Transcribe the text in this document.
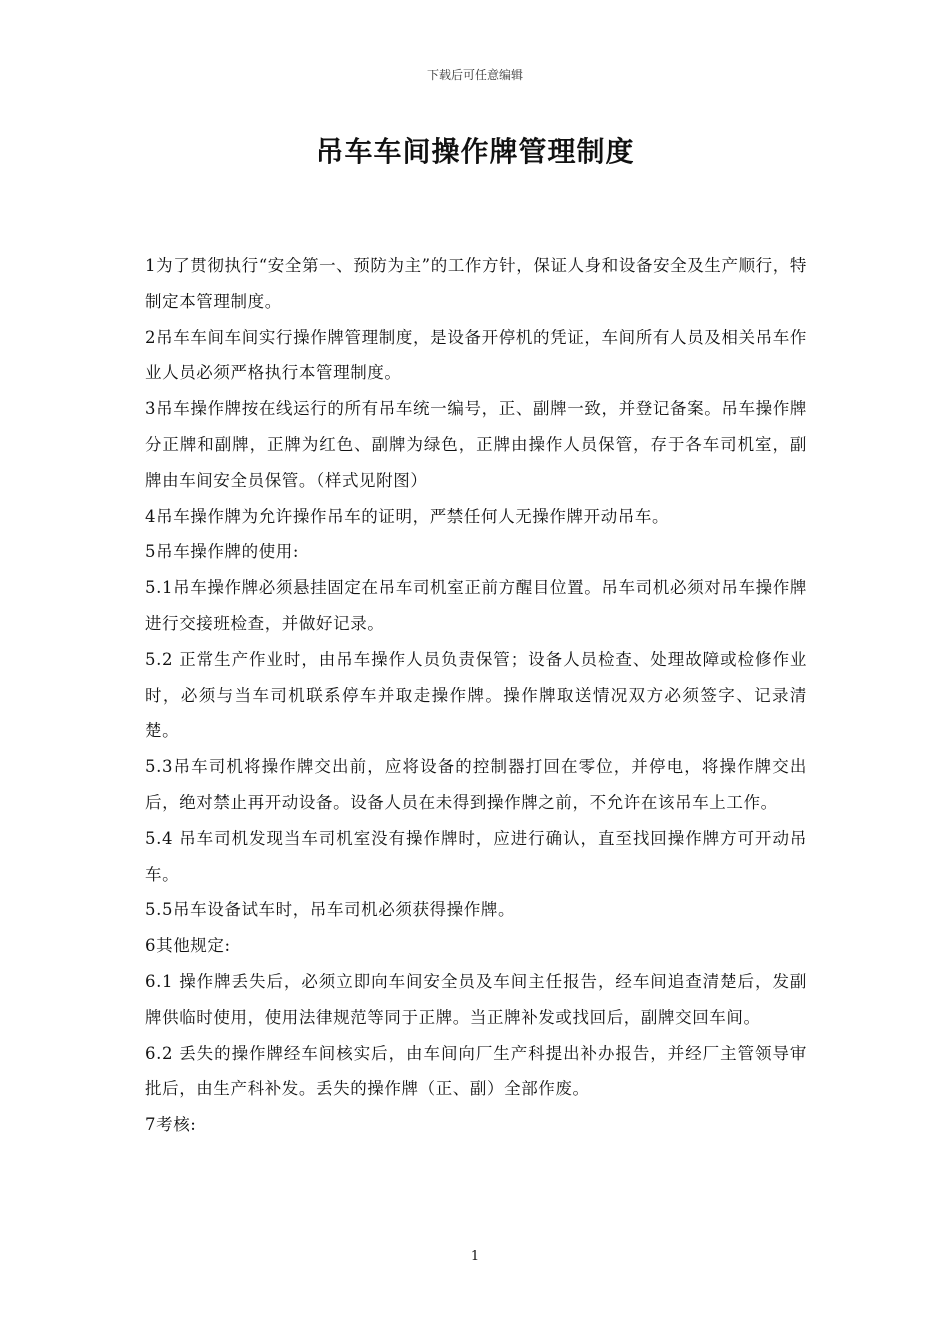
下载后可任意编辑
吊车车间操作牌管理制度

1为了贯彻执行“安全第一、预防为主”的工作方针，保证人身和设备安全及生产顺行，特制定本管理制度。

2吊车车间车间实行操作牌管理制度，是设备开停机的凭证，车间所有人员及相关吊车作业人员必须严格执行本管理制度。

3吊车操作牌按在线运行的所有吊车统一编号，正、副牌一致，并登记备案。吊车操作牌分正牌和副牌，正牌为红色、副牌为绿色，正牌由操作人员保管，存于各车司机室，副牌由车间安全员保管。（样式见附图）

4吊车操作牌为允许操作吊车的证明，严禁任何人无操作牌开动吊车。

5吊车操作牌的使用:

5.1吊车操作牌必须悬挂固定在吊车司机室正前方醒目位置。吊车司机必须对吊车操作牌进行交接班检查，并做好记录。

5.2 正常生产作业时，由吊车操作人员负责保管；设备人员检查、处理故障或检修作业时，必须与当车司机联系停车并取走操作牌。操作牌取送情况双方必须签字、记录清楚。

5.3吊车司机将操作牌交出前，应将设备的控制器打回在零位，并停电，将操作牌交出后，绝对禁止再开动设备。设备人员在未得到操作牌之前，不允许在该吊车上工作。

5.4 吊车司机发现当车司机室没有操作牌时，应进行确认，直至找回操作牌方可开动吊车。

5.5吊车设备试车时，吊车司机必须获得操作牌。

6其他规定:

6.1 操作牌丢失后，必须立即向车间安全员及车间主任报告，经车间追查清楚后，发副牌供临时使用，使用法律规范等同于正牌。当正牌补发或找回后，副牌交回车间。

6.2 丢失的操作牌经车间核实后，由车间向厂生产科提出补办报告，并经厂主管领导审批后，由生产科补发。丢失的操作牌（正、副）全部作废。

7考核:

1
